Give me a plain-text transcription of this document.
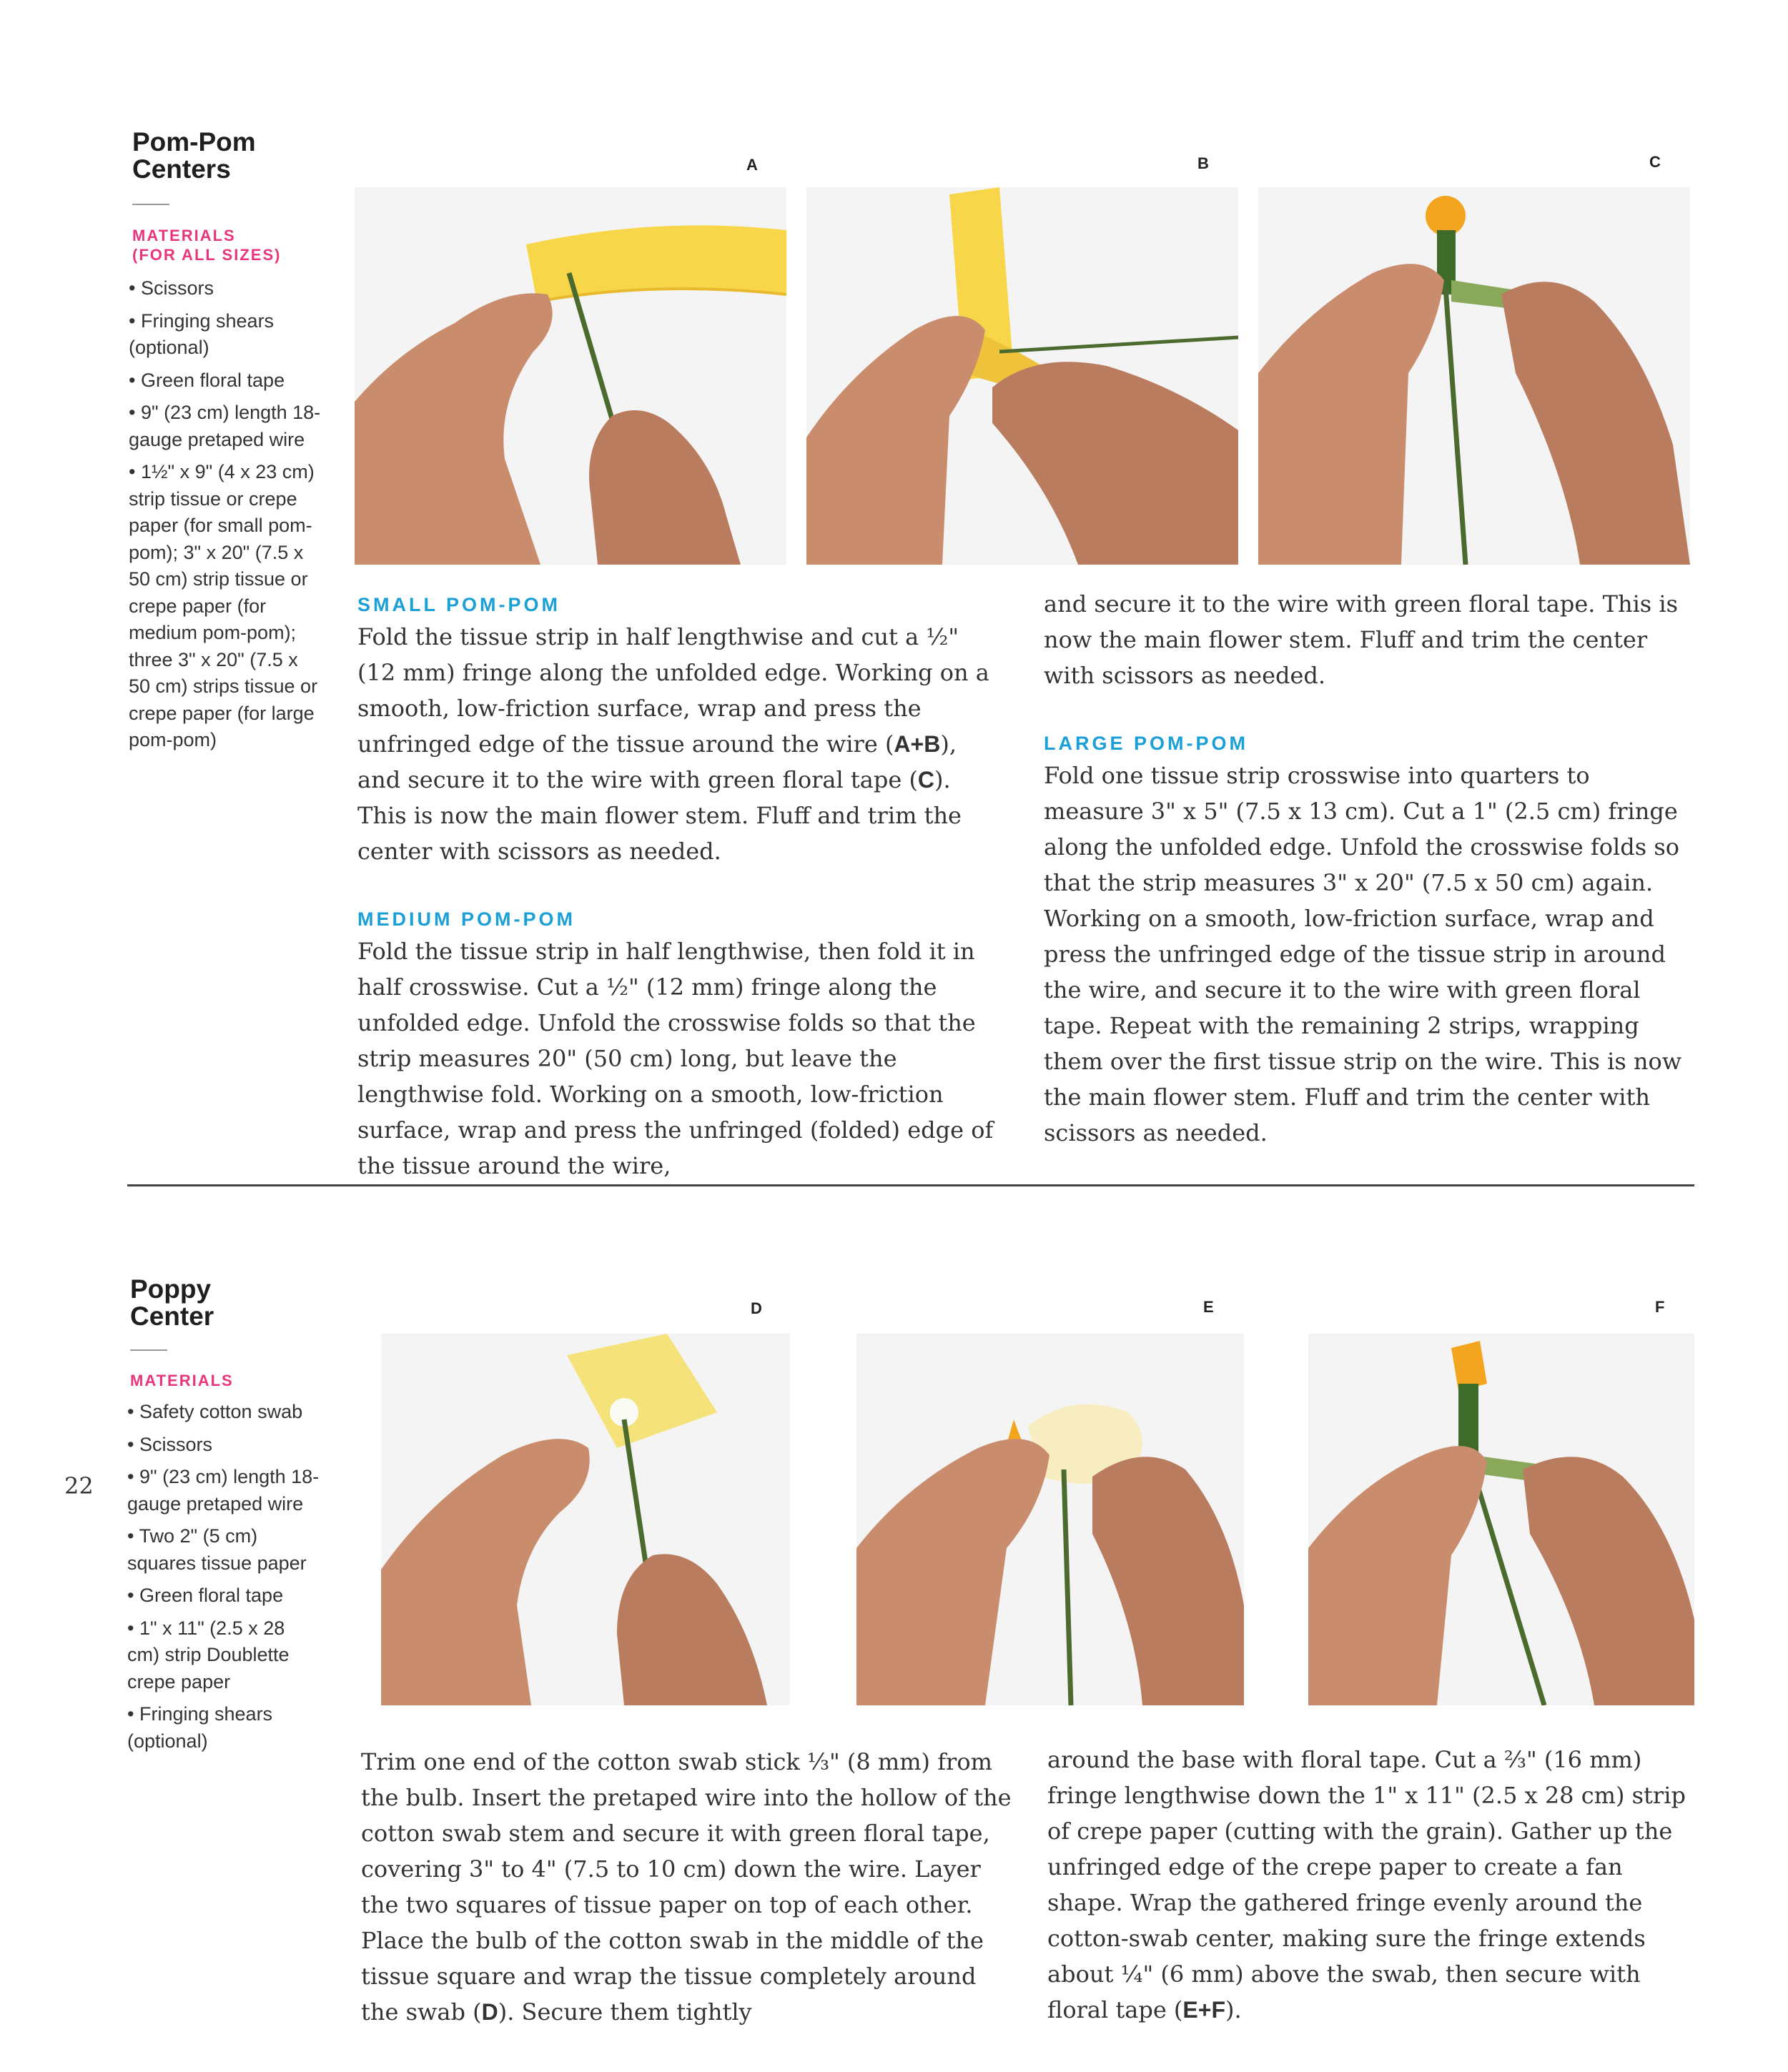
Pom-Pom
Centers
MATERIALS
(FOR ALL SIZES)
• Scissors
• Fringing shears (optional)
• Green floral tape
• 9" (23 cm) length 18-gauge pretaped wire
• 1½" x 9" (4 x 23 cm) strip tissue or crepe paper (for small pom-pom); 3" x 20" (7.5 x 50 cm) strip tissue or crepe paper (for medium pom-pom); three 3" x 20" (7.5 x 50 cm) strips tissue or crepe paper (for large pom-pom)
A	B	C
SMALL POM-POM

Fold the tissue strip in half lengthwise and cut a ½" (12 mm) fringe along the unfolded edge. Working on a smooth, low-friction surface, wrap and press the unfringed edge of the tissue around the wire (A+B), and secure it to the wire with green floral tape (C). This is now the main flower stem. Fluff and trim the center with scissors as needed.

MEDIUM POM-POM

Fold the tissue strip in half lengthwise, then fold it in half crosswise. Cut a ½" (12 mm) fringe along the unfolded edge. Unfold the crosswise folds so that the strip measures 20" (50 cm) long, but leave the lengthwise fold. Working on a smooth, low-friction surface, wrap and press the unfringed (folded) edge of the tissue around the wire,

and secure it to the wire with green floral tape. This is now the main flower stem. Fluff and trim the center with scissors as needed.

LARGE POM-POM

Fold one tissue strip crosswise into quarters to measure 3" x 5" (7.5 x 13 cm). Cut a 1" (2.5 cm) fringe along the unfolded edge. Unfold the crosswise folds so that the strip measures 3" x 20" (7.5 x 50 cm) again. Working on a smooth, low-friction surface, wrap and press the unfringed edge of the tissue strip in around the wire, and secure it to the wire with green floral tape. Repeat with the remaining 2 strips, wrapping them over the first tissue strip on the wire. This is now the main flower stem. Fluff and trim the center with scissors as needed.

Poppy
Center
MATERIALS
• Safety cotton swab
• Scissors
• 9" (23 cm) length 18-gauge pretaped wire
• Two 2" (5 cm) squares tissue paper
• Green floral tape
• 1" x 11" (2.5 x 28 cm) strip Doublette crepe paper
• Fringing shears (optional)
22
D	E	F

Trim one end of the cotton swab stick ⅓" (8 mm) from the bulb. Insert the pretaped wire into the hollow of the cotton swab stem and secure it with green floral tape, covering 3" to 4" (7.5 to 10 cm) down the wire. Layer the two squares of tissue paper on top of each other. Place the bulb of the cotton swab in the middle of the tissue square and wrap the tissue completely around the swab (D). Secure them tightly

around the base with floral tape. Cut a ⅔" (16 mm) fringe lengthwise down the 1" x 11" (2.5 x 28 cm) strip of crepe paper (cutting with the grain). Gather up the unfringed edge of the crepe paper to create a fan shape. Wrap the gathered fringe evenly around the cotton-swab center, making sure the fringe extends about ¼" (6 mm) above the swab, then secure with floral tape (E+F).
